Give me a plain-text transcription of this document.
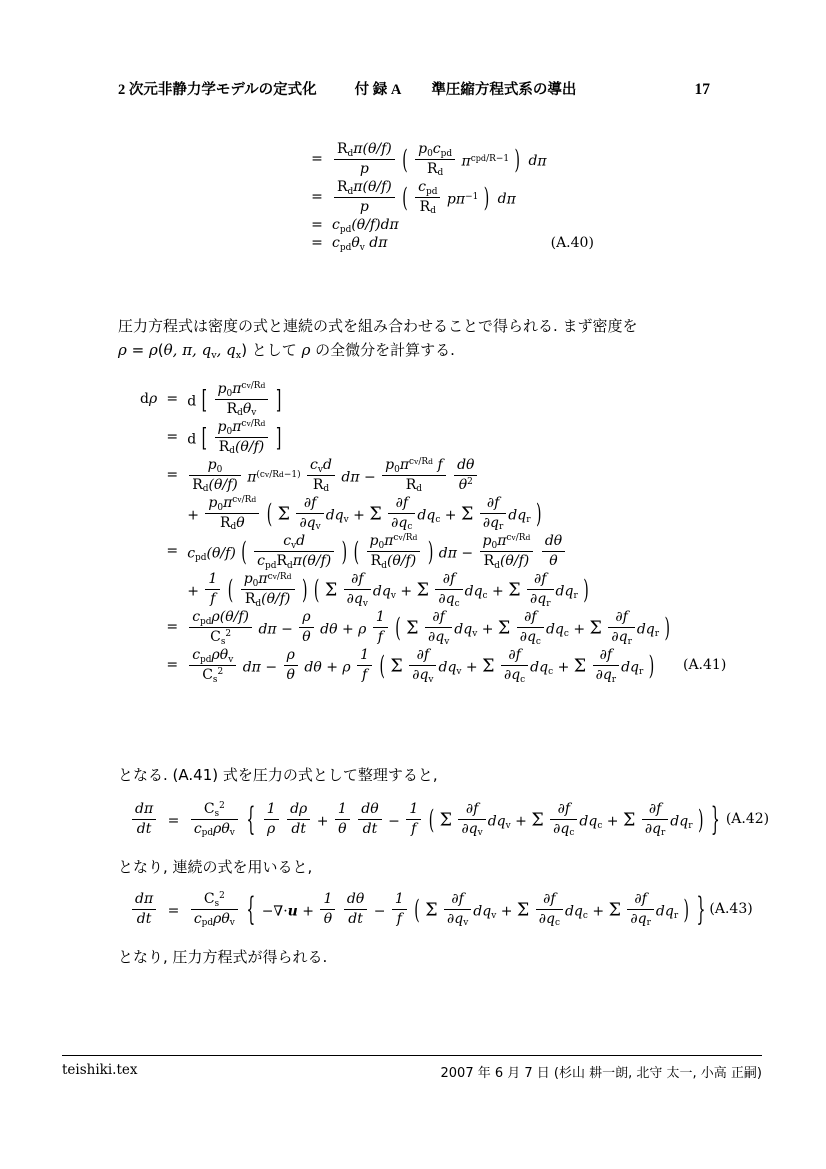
2 次元非静力学モデルの定式化	付 録 A 準圧縮方程式系の導出	17
	=	$\frac{R_d\pi(\theta/f)}{p}$ ( $\frac{p_0c_{pd}}{R_d} \pi^{cpd/R-1}$ ) dπ	
	=	$\frac{R_d\pi(\theta/f)}{p}$ ( $\frac{c_{pd}}{R_d} p\pi^{-1}$ ) dπ	
	=	$c_{pd}(\theta/f)d\pi$	
	=	$c_{pd}\theta_v$ dπ	(A.40)
圧力方程式は密度の式と連続の式を組み合わせることで得られる. まず密度を
ρ = ρ(θ, π, $q_v$, $q_x$) として ρ の全微分を計算する.
dρ	=	d [ $\frac{p_0\pi^{cv/Rd}}{R_d\theta_v}$ ]	
	=	d [ $\frac{p_0\pi^{cv/Rd}}{R_d(\theta/f)}$ ]	
	=	$\frac{p_0}{R_d(\theta/f)} \pi^{(cv/Rd-1)} \frac{c_vd}{R_d}$ $d\pi - \frac{p_0\pi^{cv/Rd} f}{R_d}$
$\frac{d\theta}{\theta^2}$

		+ $\frac{p_0\pi^{cv/Rd}}{R_d\theta}$ ( Σ $\frac{\partial f}{\partial q_v} dq_v + \Sigma \frac{\partial f}{\partial q_c} dq_c + \Sigma \frac{\partial f}{\partial q_r} dq_r$ )	
	=	$c_{pd}(\theta/f)$ ( $\frac{c_vd}{c_{pd}R_d\pi(\theta/f)}$ ) ( $\frac{p_0\pi^{cv/Rd}}{R_d(\theta/f)}$ ) $d\pi - \frac{p_0\pi^{cv/Rd}}{R_d(\theta/f)}$
$\frac{d\theta}{\theta}$

		+ $\frac{1}{f}$ ( $\frac{p_0\pi^{cv/Rd}}{R_d(\theta/f)}$ ) ( Σ $\frac{\partial f}{\partial q_v} dq_v + \Sigma \frac{\partial f}{\partial q_c} dq_c + \Sigma \frac{\partial f}{\partial q_r} dq_r$ )	
	=	$\frac{c_{pd}\rho(\theta/f)}{C_s^2}$ $d\pi - \frac{\rho}{\theta}$ dθ + ρ $\frac{1}{f}$ ( Σ $\frac{\partial f}{\partial q_v} dq_v + \Sigma \frac{\partial f}{\partial q_c} dq_c + \Sigma \frac{\partial f}{\partial q_r} dq_r$ )	
	=	$\frac{c_{pd}\rho\theta_v}{C_s^2}$ $d\pi - \frac{\rho}{\theta}$ dθ + ρ $\frac{1}{f}$ ( Σ $\frac{\partial f}{\partial q_v} dq_v + \Sigma \frac{\partial f}{\partial q_c} dq_c + \Sigma \frac{\partial f}{\partial q_r} dq_r$ )	(A.41)
となる. (A.41) 式を圧力の式として整理すると,
$\frac{d\pi}{dt} = \frac{C_s^2}{c_{pd}\rho\theta_v}$ { $\frac{1}{\rho}$
$\frac{d\rho}{dt} + \frac{1}{\theta}$
$\frac{d\theta}{dt} - \frac{1}{f}$ ( Σ $\frac{\partial f}{\partial q_v} dq_v + \Sigma \frac{\partial f}{\partial q_c} dq_c + \Sigma \frac{\partial f}{\partial q_r} dq_r$ ) }	(A.42)
となり, 連続の式を用いると,
$\frac{d\pi}{dt} = \frac{C_s^2}{c_{pd}\rho\theta_v}$ { $-\nabla\cdot u + \frac{1}{\theta}$
$\frac{d\theta}{dt} - \frac{1}{f}$ ( Σ $\frac{\partial f}{\partial q_v} dq_v + \Sigma \frac{\partial f}{\partial q_c} dq_c + \Sigma \frac{\partial f}{\partial q_r} dq_r$ ) }	(A.43)
となり, 圧力方程式が得られる.
teishiki.tex	2007 年 6 月 7 日 (杉山 耕一朗, 北守 太一, 小高 正嗣)
